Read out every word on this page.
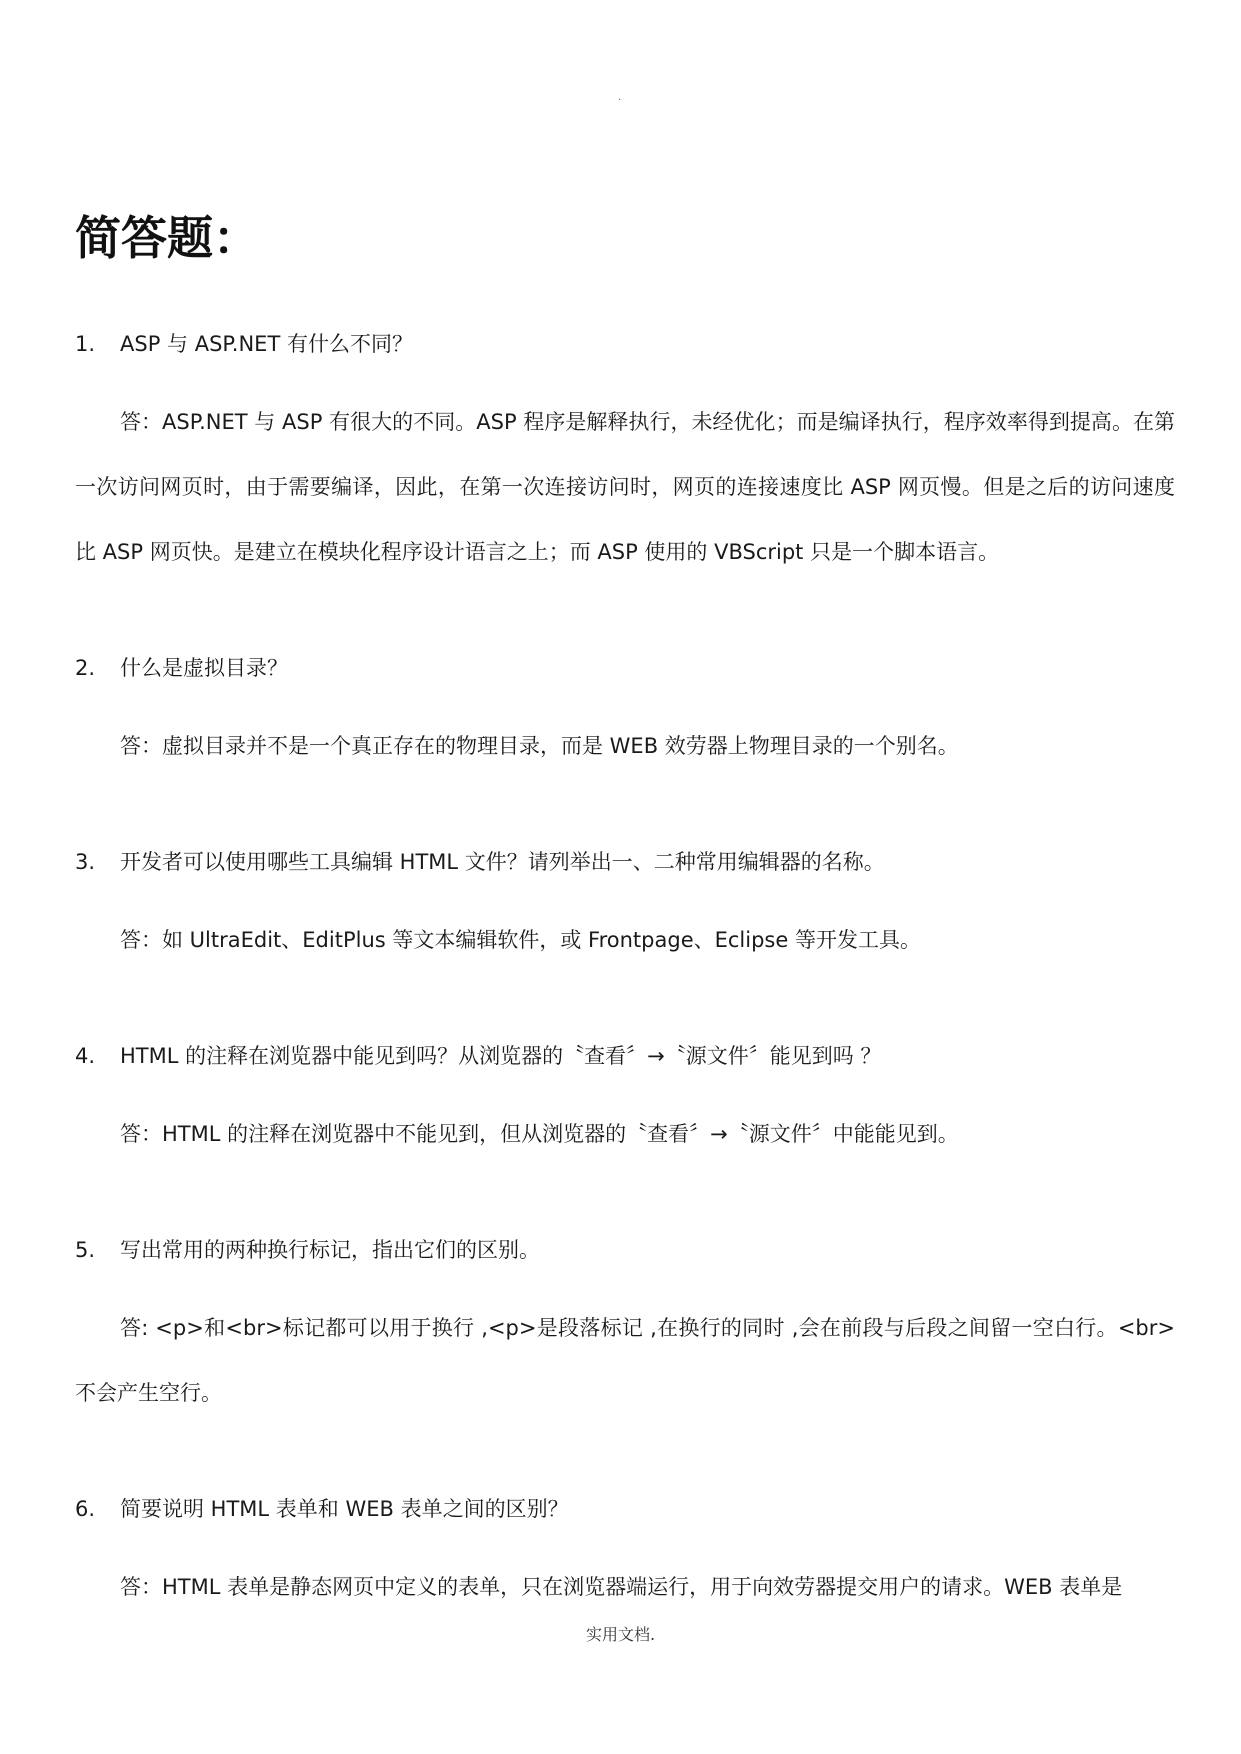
.
简答题：
1.	ASP 与 ASP.NET 有什么不同？
答：ASP.NET 与 ASP 有很大的不同。ASP 程序是解释执行，未经优化；而是编译执行，程序效率得到提高。在第一次访问网页时，由于需要编译，因此，在第一次连接访问时，网页的连接速度比 ASP 网页慢。但是之后的访问速度比 ASP 网页快。是建立在模块化程序设计语言之上；而 ASP 使用的 VBScript 只是一个脚本语言。
2.	什么是虚拟目录？
答：虚拟目录并不是一个真正存在的物理目录，而是 WEB 效劳器上物理目录的一个别名。
3.	开发者可以使用哪些工具编辑 HTML 文件？请列举出一、二种常用编辑器的名称。
答：如 UltraEdit、EditPlus 等文本编辑软件，或 Frontpage、Eclipse 等开发工具。
4.	HTML 的注释在浏览器中能见到吗？从浏览器的〝查看〞→〝源文件〞能见到吗 ？
答：HTML 的注释在浏览器中不能见到，但从浏览器的〝查看〞→〝源文件〞中能能见到。
5.	写出常用的两种换行标记，指出它们的区别。
答: <p>和<br>标记都可以用于换行 ,<p>是段落标记 ,在换行的同时 ,会在前段与后段之间留一空白行。<br>不会产生空行。
6.	简要说明 HTML 表单和 WEB 表单之间的区别？
答：HTML 表单是静态网页中定义的表单，只在浏览器端运行，用于向效劳器提交用户的请求。WEB 表单是
实用文档.
